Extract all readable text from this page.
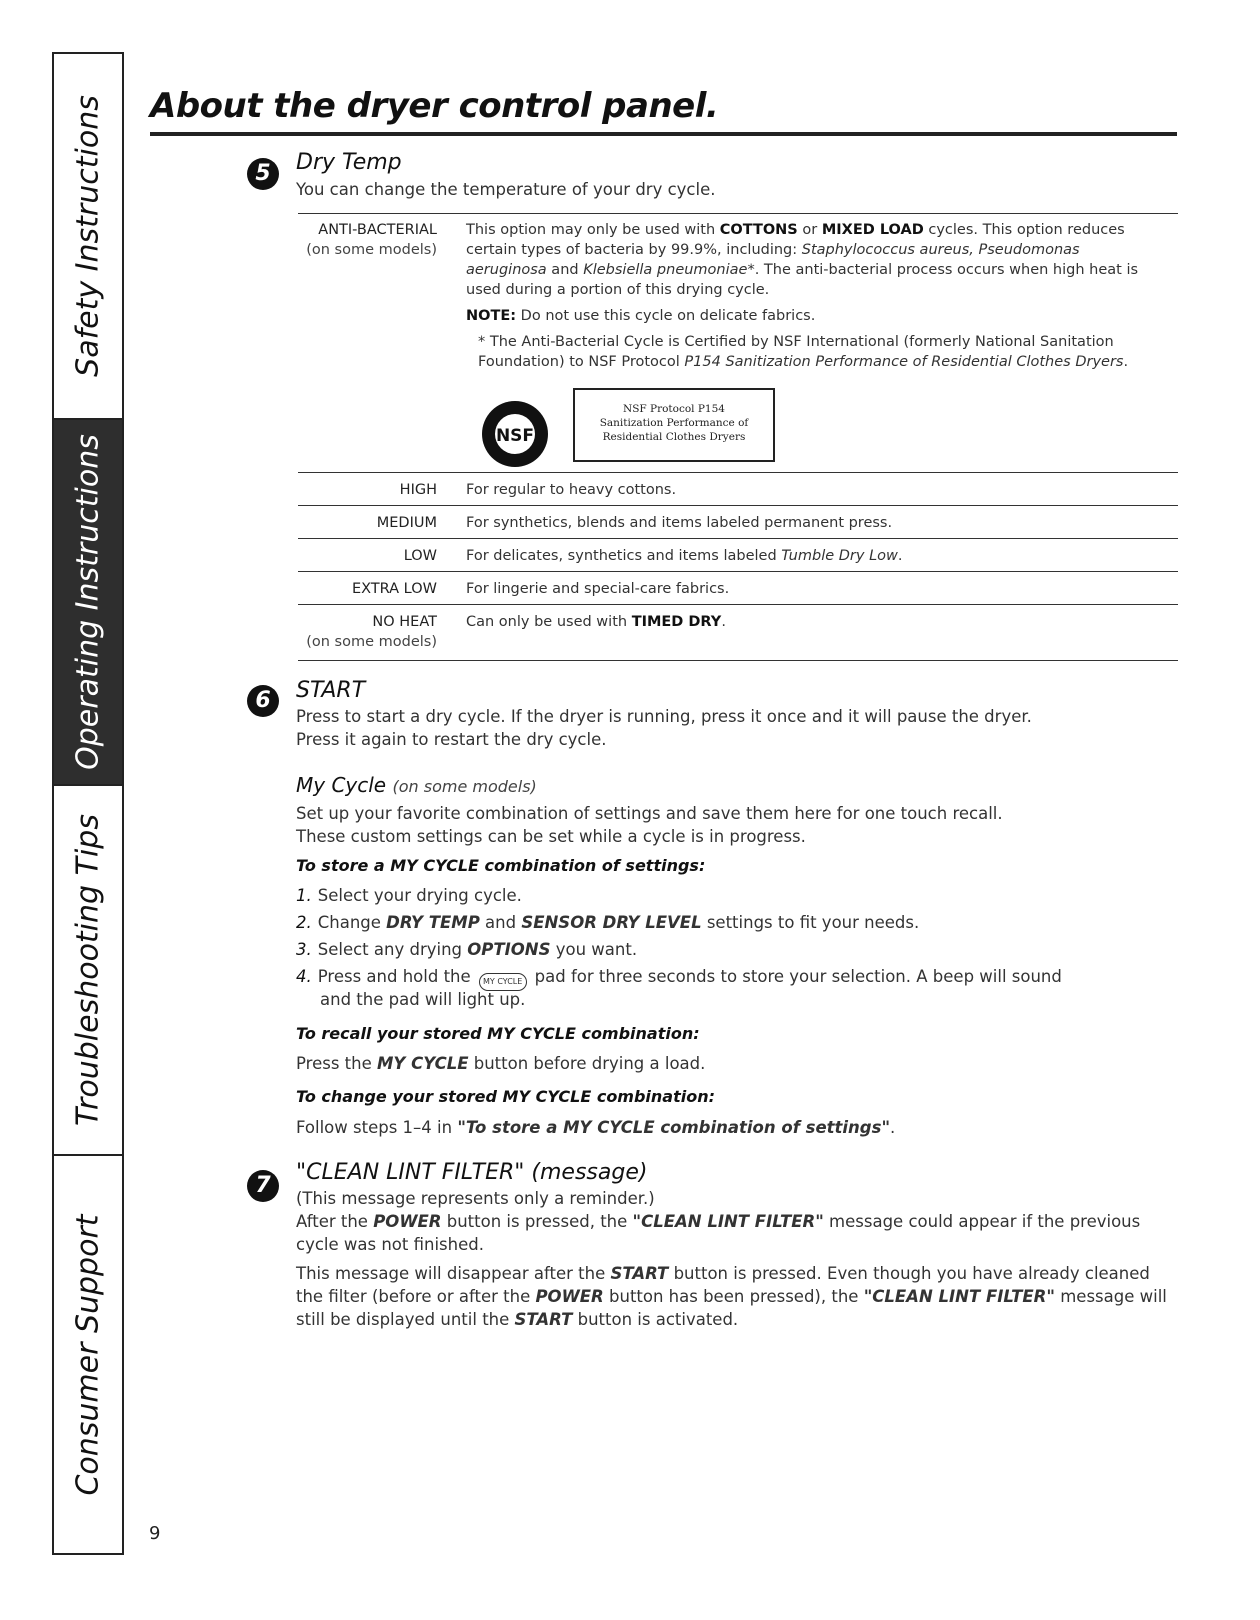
Safety Instructions
Operating Instructions
Troubleshooting Tips
Consumer Support
About the dryer control panel.
5	Dry Temp
You can change the temperature of your dry cycle.
ANTI-BACTERIAL
(on some models)
This option may only be used with COTTONS or MIXED LOAD cycles. This option reduces certain types of bacteria by 99.9%, including: Staphylococcus aureus, Pseudomonas aeruginosa and Klebsiella pneumoniae*. The anti-bacterial process occurs when high heat is used during a portion of this drying cycle.
NOTE: Do not use this cycle on delicate fabrics.
* The Anti-Bacterial Cycle is Certified by NSF International (formerly National Sanitation Foundation) to NSF Protocol P154 Sanitization Performance of Residential Clothes Dryers.
RESIDENTIAL
NSF
NSF Protocol P154
Sanitization Performance of
Residential Clothes Dryers
HIGH For regular to heavy cottons.
MEDIUM For synthetics, blends and items labeled permanent press.
LOW For delicates, synthetics and items labeled Tumble Dry Low.
EXTRA LOW For lingerie and special-care fabrics.
NO HEAT
(on some models)
Can only be used with TIMED DRY.
6	START
Press to start a dry cycle. If the dryer is running, press it once and it will pause the dryer.
Press it again to restart the dry cycle.
My Cycle (on some models)
Set up your favorite combination of settings and save them here for one touch recall.
These custom settings can be set while a cycle is in progress.
To store a MY CYCLE combination of settings:
1. Select your drying cycle.
2. Change DRY TEMP and SENSOR DRY LEVEL settings to fit your needs.
3. Select any drying OPTIONS you want.
4. Press and hold the MY CYCLE pad for three seconds to store your selection. A beep will sound
and the pad will light up.
To recall your stored MY CYCLE combination:
Press the MY CYCLE button before drying a load.
To change your stored MY CYCLE combination:
Follow steps 1–4 in "To store a MY CYCLE combination of settings".
7
"CLEAN LINT FILTER" (message)
(This message represents only a reminder.)
After the POWER button is pressed, the "CLEAN LINT FILTER" message could appear if the previous cycle was not finished.
This message will disappear after the START button is pressed. Even though you have already cleaned the filter (before or after the POWER button has been pressed), the "CLEAN LINT FILTER" message will still be displayed until the START button is activated.
9
